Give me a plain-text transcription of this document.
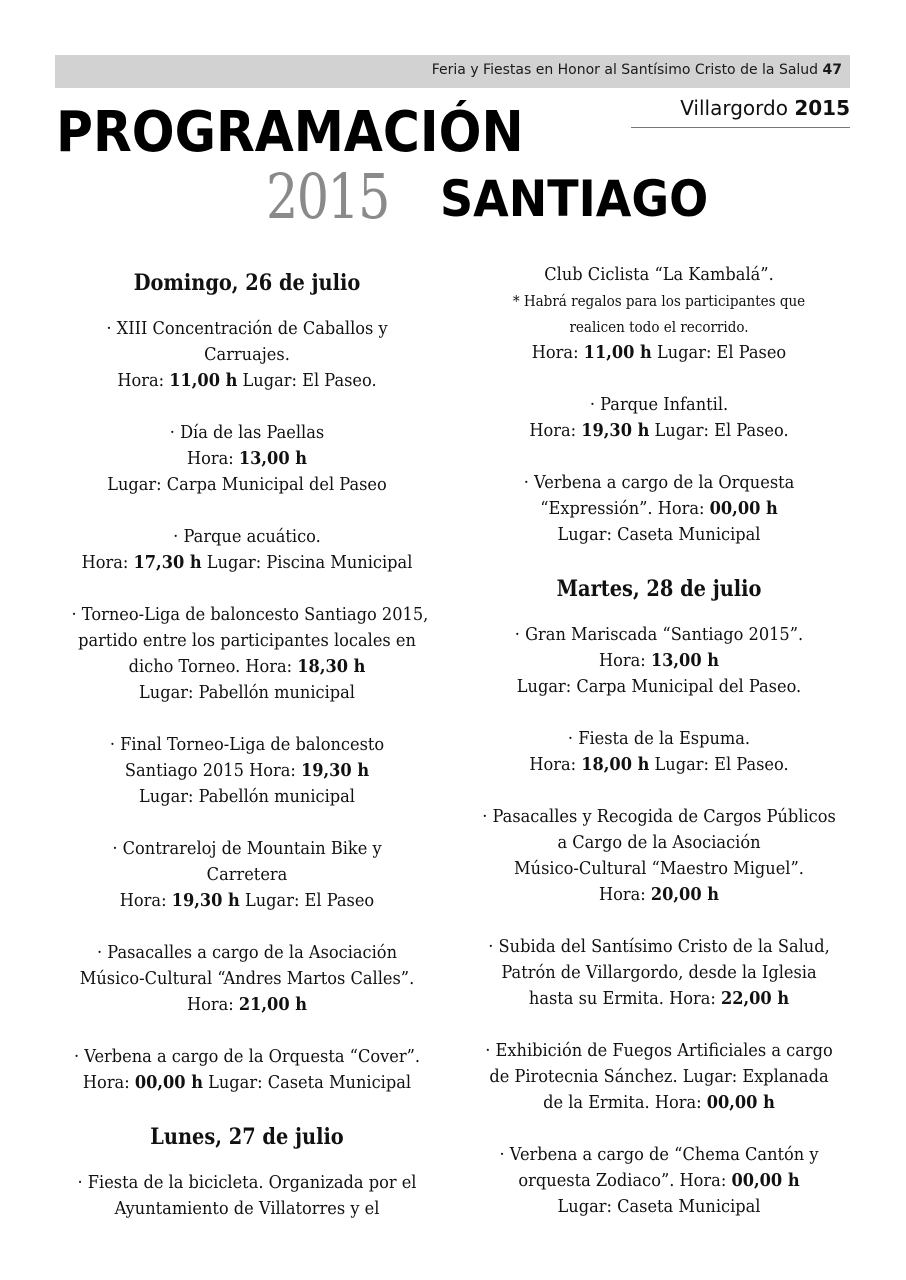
Feria y Fiestas en Honor al Santísimo Cristo de la Salud 47
Villargordo 2015
PROGRAMACIÓN
2015 SANTIAGO
Domingo, 26 de julio
· XIII Concentración de Caballos y
Carruajes.
Hora: 11,00 h Lugar: El Paseo.
· Día de las Paellas
Hora: 13,00 h
Lugar: Carpa Municipal del Paseo
· Parque acuático.
Hora: 17,30 h Lugar: Piscina Municipal
· Torneo-Liga de baloncesto Santiago 2015,
partido entre los participantes locales en
dicho Torneo. Hora: 18,30 h
Lugar: Pabellón municipal
· Final Torneo-Liga de baloncesto
Santiago 2015 Hora: 19,30 h
Lugar: Pabellón municipal
· Contrareloj de Mountain Bike y
Carretera
Hora: 19,30 h Lugar: El Paseo
· Pasacalles a cargo de la Asociación
Músico-Cultural “Andres Martos Calles”.
Hora: 21,00 h
· Verbena a cargo de la Orquesta “Cover”.
Hora: 00,00 h Lugar: Caseta Municipal
Lunes, 27 de julio
· Fiesta de la bicicleta. Organizada por el
Ayuntamiento de Villatorres y el
Club Ciclista “La Kambalá”.
* Habrá regalos para los participantes que
realicen todo el recorrido.
Hora: 11,00 h Lugar: El Paseo
· Parque Infantil.
Hora: 19,30 h Lugar: El Paseo.
· Verbena a cargo de la Orquesta
“Expressión”. Hora: 00,00 h
Lugar: Caseta Municipal
Martes, 28 de julio
· Gran Mariscada “Santiago 2015”.
Hora: 13,00 h
Lugar: Carpa Municipal del Paseo.
· Fiesta de la Espuma.
Hora: 18,00 h Lugar: El Paseo.
· Pasacalles y Recogida de Cargos Públicos
a Cargo de la Asociación
Músico-Cultural “Maestro Miguel”.
Hora: 20,00 h
· Subida del Santísimo Cristo de la Salud,
Patrón de Villargordo, desde la Iglesia
hasta su Ermita. Hora: 22,00 h
· Exhibición de Fuegos Artificiales a cargo
de Pirotecnia Sánchez. Lugar: Explanada
de la Ermita. Hora: 00,00 h
· Verbena a cargo de “Chema Cantón y
orquesta Zodiaco”. Hora: 00,00 h
Lugar: Caseta Municipal
